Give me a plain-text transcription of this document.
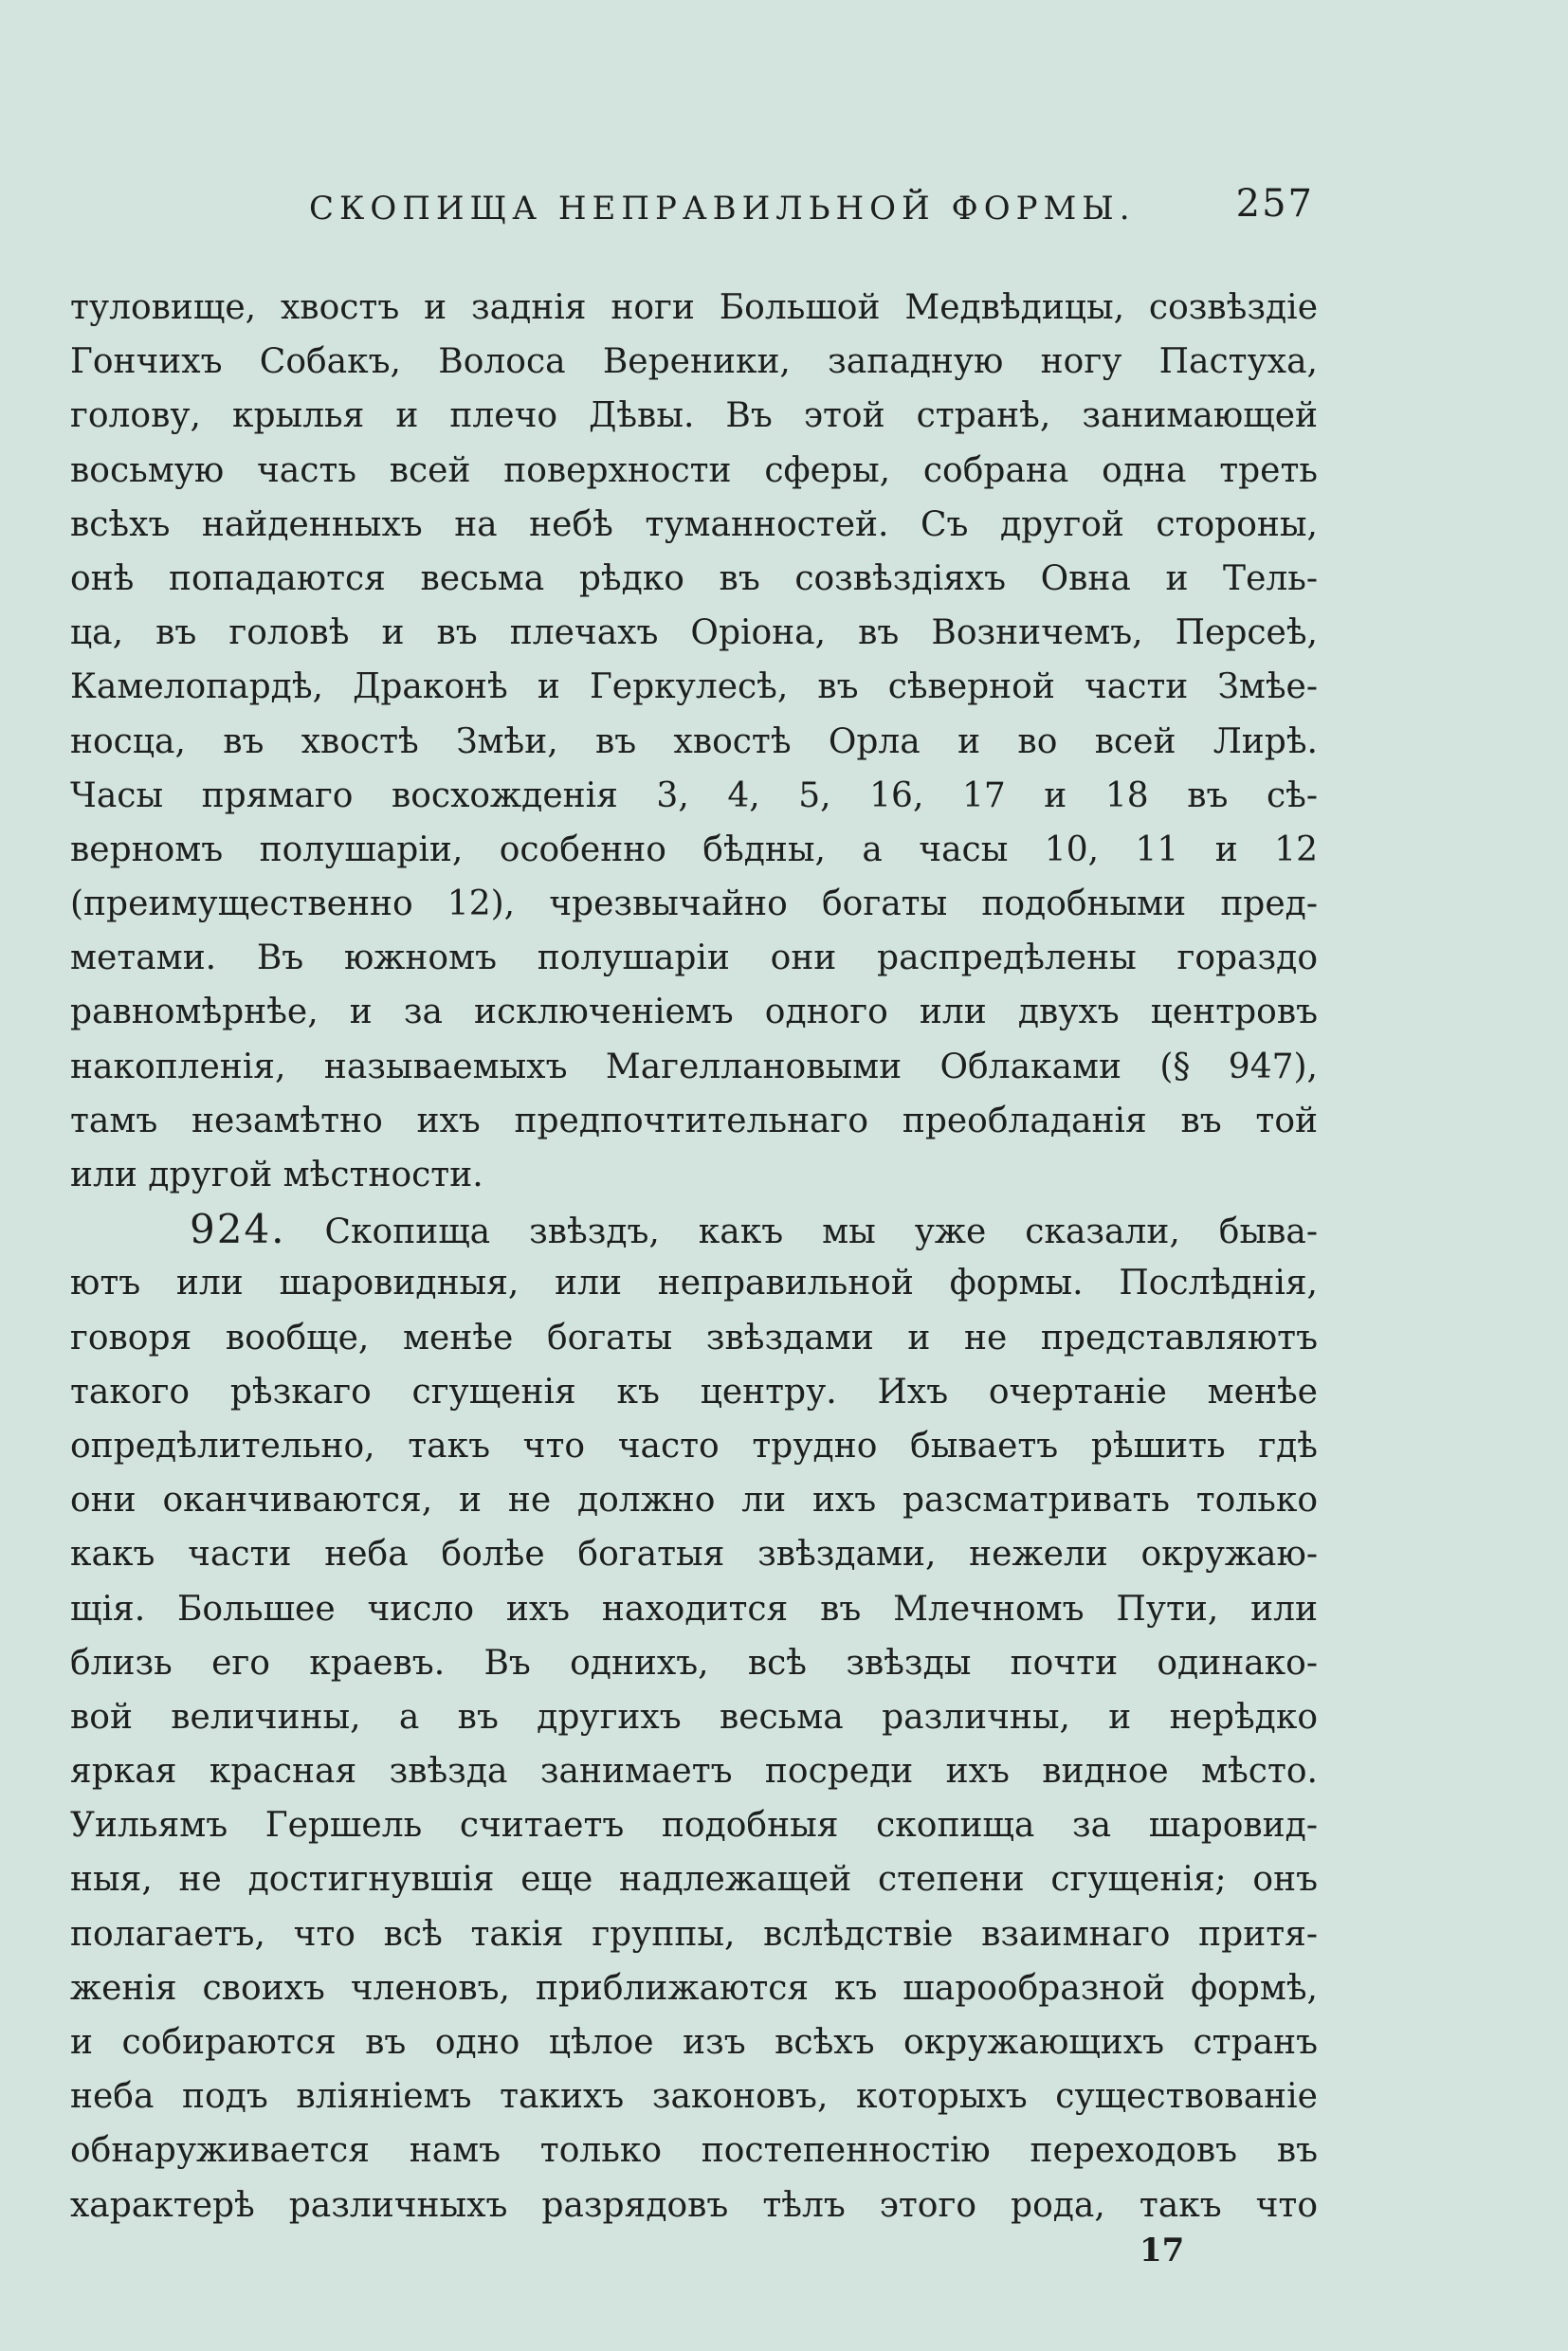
СКОПИЩА НЕПРАВИЛЬНОЙ ФОРМЫ.	257
туловище, хвостъ и заднія ноги Большой Медвѣдицы, созвѣздіе
Гончихъ Собакъ, Волоса Вереники, западную ногу Пастуха,
голову, крылья и плечо Дѣвы. Въ этой странѣ, занимающей
восьмую часть всей поверхности сферы, собрана одна треть
всѣхъ найденныхъ на небѣ туманностей. Съ другой стороны,
онѣ попадаются весьма рѣдко въ созвѣздіяхъ Овна и Тель-
ца, въ головѣ и въ плечахъ Оріона, въ Возничемъ, Персеѣ,
Камелопардѣ, Драконѣ и Геркулесѣ, въ сѣверной части Змѣе-
носца, въ хвостѣ Змѣи, въ хвостѣ Орла и во всей Лирѣ.
Часы прямаго восхожденія 3, 4, 5, 16, 17 и 18 въ сѣ-
верномъ полушаріи, особенно бѣдны, а часы 10, 11 и 12
(преимущественно 12), чрезвычайно богаты подобными пред-
метами. Въ южномъ полушаріи они распредѣлены гораздо
равномѣрнѣе, и за исключеніемъ одного или двухъ центровъ
накопленія, называемыхъ Магеллановыми Облаками (§ 947),
тамъ незамѣтно ихъ предпочтительнаго преобладанія въ той
или другой мѣстности.
924. Скопища звѣздъ, какъ мы уже сказали, быва-
ютъ или шаровидныя, или неправильной формы. Послѣднія,
говоря вообще, менѣе богаты звѣздами и не представляютъ
такого рѣзкаго сгущенія къ центру. Ихъ очертаніе менѣе
опредѣлительно, такъ что часто трудно бываетъ рѣшить гдѣ
они оканчиваются, и не должно ли ихъ разсматривать только
какъ части неба болѣе богатыя звѣздами, нежели окружаю-
щія. Большее число ихъ находится въ Млечномъ Пути, или
близь его краевъ. Въ однихъ, всѣ звѣзды почти одинако-
вой величины, а въ другихъ весьма различны, и нерѣдко
яркая красная звѣзда занимаетъ посреди ихъ видное мѣсто.
Уильямъ Гершель считаетъ подобныя скопища за шаровид-
ныя, не достигнувшія еще надлежащей степени сгущенія; онъ
полагаетъ, что всѣ такія группы, вслѣдствіе взаимнаго притя-
женія своихъ членовъ, приближаются къ шарообразной формѣ,
и собираются въ одно цѣлое изъ всѣхъ окружающихъ странъ
неба подъ вліяніемъ такихъ законовъ, которыхъ существованіе
обнаруживается намъ только постепенностію переходовъ въ
характерѣ различныхъ разрядовъ тѣлъ этого рода, такъ что
17
